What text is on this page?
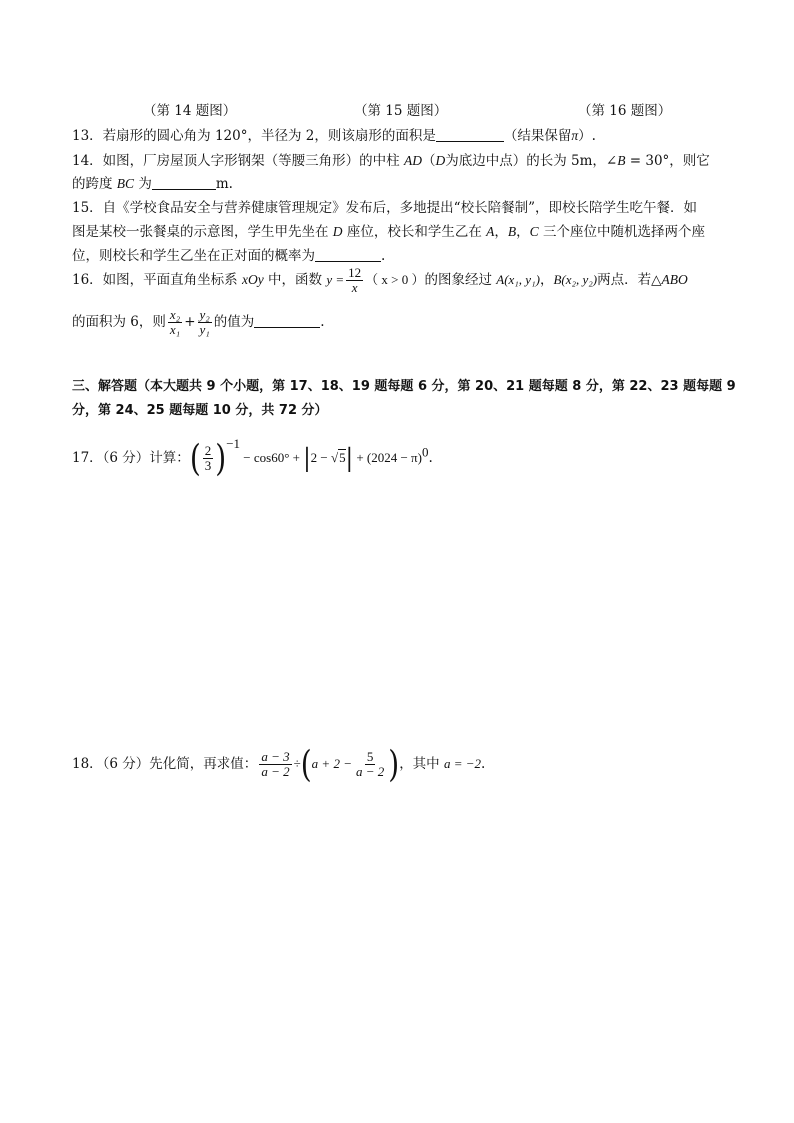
（第 14 题图）	（第 15 题图）	（第 16 题图）
13．若扇形的圆心角为 120°，半径为 2，则该扇形的面积是	（结果保留π）.
14．如图，厂房屋顶人字形钢架（等腰三角形）的中柱 AD（D为底边中点）的长为 5m，∠B = 30°，则它
的跨度 BC 为	m.
15．自《学校食品安全与营养健康管理规定》发布后，多地提出“校长陪餐制”，即校长陪学生吃午餐．如
图是某校一张餐桌的示意图，学生甲先坐在 D 座位，校长和学生乙在 A，B，C 三个座位中随机选择两个座
位，则校长和学生乙坐在正对面的概率为	.
16．如图，平面直角坐标系 xOy 中，函数 $y = \frac{12}{x}$ （ x > 0 ）的图象经过 A(x₁, y₁)，B(x₂, y₂)两点．若△ABO
的面积为 6，则 $\frac{\text{x₂}}{\text{x₁}} + \frac{\text{y₂}}{\text{y₁}}$ 的值为	.
三、解答题（本大题共 9 个小题，第 17、18、19 题每题 6 分，第 20、21 题每题 8 分，第 22、23 题每题 9
分，第 24、25 题每题 10 分，共 72 分）
17．（6 分）计算：( $\frac{2}{3} )^{-1} - \cos 60^\circ + |2 - √5| + (2024 - \pi)^0$.
18．（6 分）先化简，再求值： $\frac{a - 3}{a - 2} \div(a + 2 - \frac{5}{a - 2}$ )，其中 a = −2.
